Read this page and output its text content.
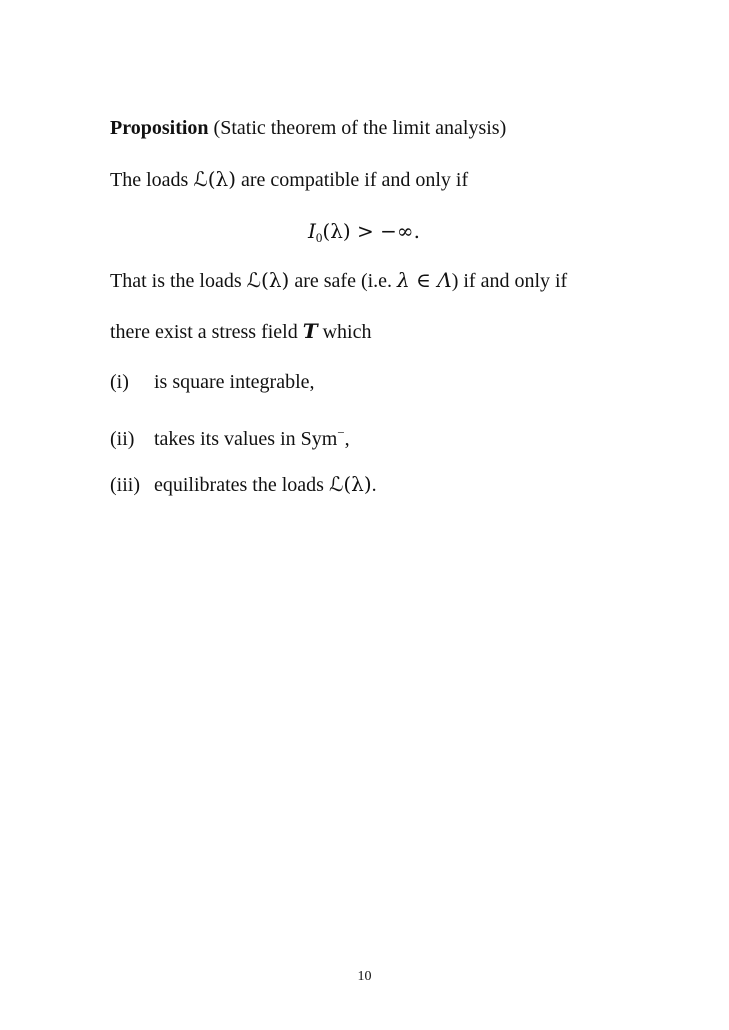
Proposition (Static theorem of the limit analysis)
The loads ℒ(λ) are compatible if and only if
$I_0(\lambda)$ > −∞.
That is the loads ℒ(λ) are safe (i.e. λ ∈ Λ) if and only if
there exist a stress field T which
(i) is square integrable,
(ii) takes its values in Sym−,
(iii) equilibrates the loads ℒ(λ).
10
